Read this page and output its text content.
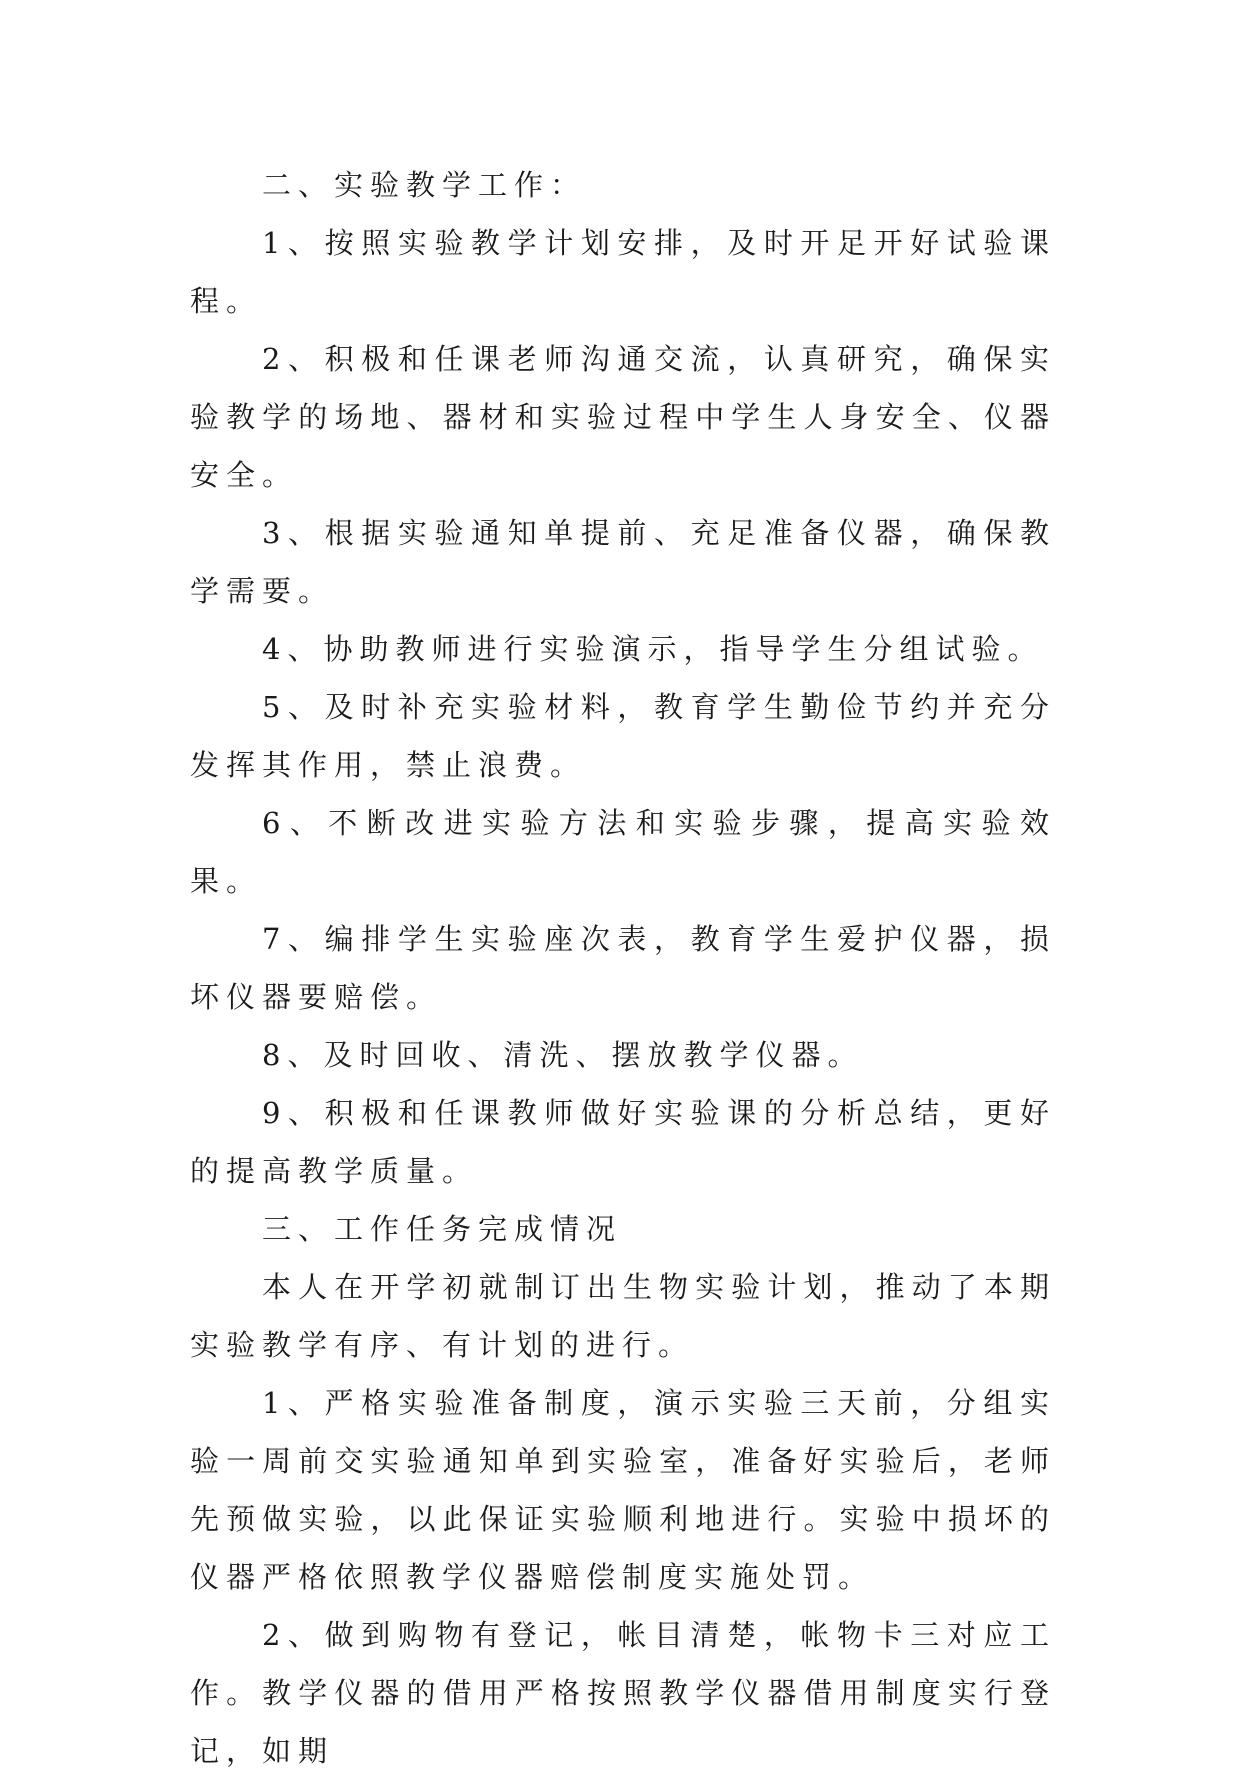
二、实验教学工作：

1、按照实验教学计划安排，及时开足开好试验课程。

2、积极和任课老师沟通交流，认真研究，确保实验教学的场地、器材和实验过程中学生人身安全、仪器安全。

3、根据实验通知单提前、充足准备仪器，确保教学需要。

4、协助教师进行实验演示，指导学生分组试验。

5、及时补充实验材料，教育学生勤俭节约并充分发挥其作用，禁止浪费。

6、不断改进实验方法和实验步骤，提高实验效果。

7、编排学生实验座次表，教育学生爱护仪器，损坏仪器要赔偿。

8、及时回收、清洗、摆放教学仪器。

9、积极和任课教师做好实验课的分析总结，更好的提高教学质量。

三、工作任务完成情况

本人在开学初就制订出生物实验计划，推动了本期实验教学有序、有计划的进行。

1、严格实验准备制度，演示实验三天前，分组实验一周前交实验通知单到实验室，准备好实验后，老师先预做实验，以此保证实验顺利地进行。实验中损坏的仪器严格依照教学仪器赔偿制度实施处罚。

2、做到购物有登记，帐目清楚，帐物卡三对应工作。教学仪器的借用严格按照教学仪器借用制度实行登记，如期
